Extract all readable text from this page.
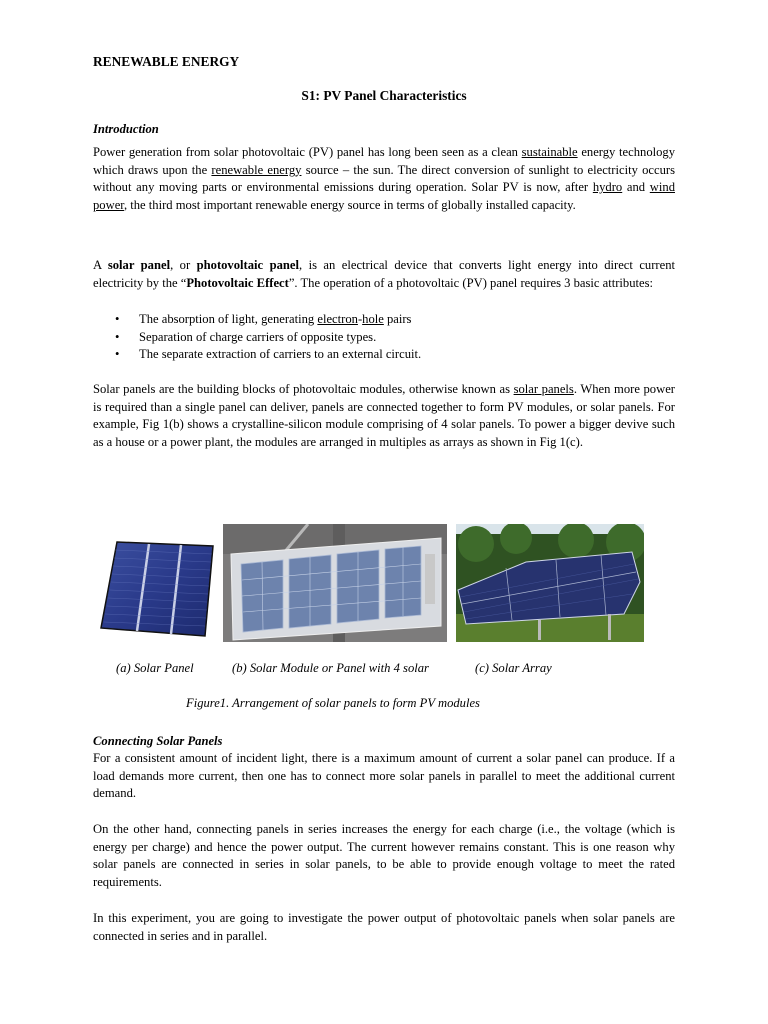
RENEWABLE ENERGY
S1: PV Panel Characteristics
Introduction

Power generation from solar photovoltaic (PV) panel has long been seen as a clean sustainable energy technology which draws upon the renewable energy source – the sun. The direct conversion of sunlight to electricity occurs without any moving parts or environmental emissions during operation. Solar PV is now, after hydro and wind power, the third most important renewable energy source in terms of globally installed capacity.

A solar panel, or photovoltaic panel, is an electrical device that converts light energy into direct current electricity by the “Photovoltaic Effect”. The operation of a photovoltaic (PV) panel requires 3 basic attributes:

• The absorption of light, generating electron-hole pairs
• Separation of charge carriers of opposite types.
• The separate extraction of carriers to an external circuit.

Solar panels are the building blocks of photovoltaic modules, otherwise known as solar panels. When more power is required than a single panel can deliver, panels are connected together to form PV modules, or solar panels. For example, Fig 1(b) shows a crystalline-silicon module comprising of 4 solar panels. To power a bigger devive such as a house or a power plant, the modules are arranged in multiples as arrays as shown in Fig 1(c).

(a) Solar Panel	(b) Solar Module or Panel with 4 solar	(c) Solar Array
Figure1. Arrangement of solar panels to form PV modules
Connecting Solar Panels

For a consistent amount of incident light, there is a maximum amount of current a solar panel can produce. If a load demands more current, then one has to connect more solar panels in parallel to meet the additional current demand.

On the other hand, connecting panels in series increases the energy for each charge (i.e., the voltage (which is energy per charge) and hence the power output. The current however remains constant. This is one reason why solar panels are connected in series in solar panels, to be able to provide enough voltage to meet the rated requirements.

In this experiment, you are going to investigate the power output of photovoltaic panels when solar panels are connected in series and in parallel.
